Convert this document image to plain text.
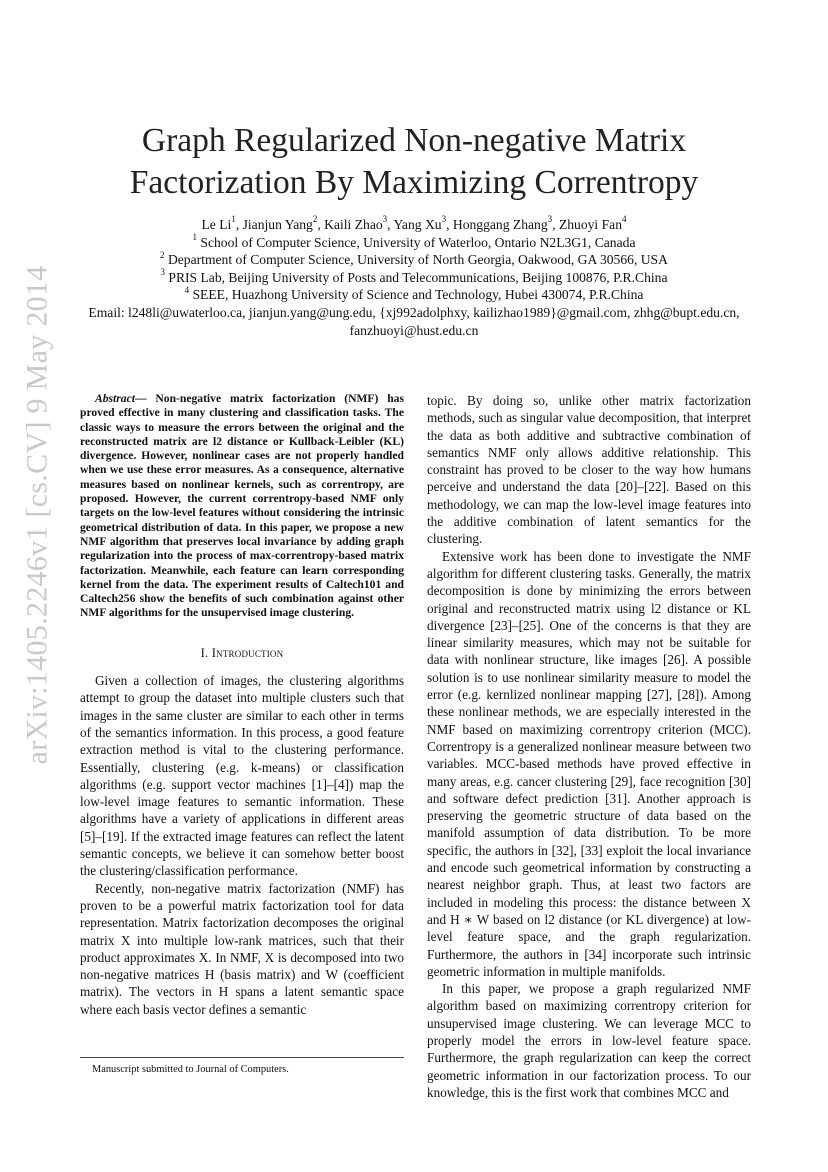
arXiv:1405.2246v1 [cs.CV] 9 May 2014
Graph Regularized Non-negative Matrix
Factorization By Maximizing Correntropy
Le Li$^1$, Jianjun Yang$^2$, Kaili Zhao$^3$, Yang Xu$^3$, Honggang Zhang$^3$, Zhuoyi Fan$^4$
$^1$ School of Computer Science, University of Waterloo, Ontario N2L3G1, Canada
$^2$ Department of Computer Science, University of North Georgia, Oakwood, GA 30566, USA
$^3$ PRIS Lab, Beijing University of Posts and Telecommunications, Beijing 100876, P.R.China
$^4$ SEEE, Huazhong University of Science and Technology, Hubei 430074, P.R.China
Email: l248li@uwaterloo.ca, jianjun.yang@ung.edu, {xj992adolphxy, kailizhao1989}@gmail.com, zhhg@bupt.edu.cn,
fanzhuoyi@hust.edu.cn

Abstract— Non-negative matrix factorization (NMF) has proved effective in many clustering and classification tasks. The classic ways to measure the errors between the original and the reconstructed matrix are l2 distance or Kullback-Leibler (KL) divergence. However, nonlinear cases are not properly handled when we use these error measures. As a consequence, alternative measures based on nonlinear kernels, such as correntropy, are proposed. However, the current correntropy-based NMF only targets on the low-level features without considering the intrinsic geometrical distribution of data. In this paper, we propose a new NMF algorithm that preserves local invariance by adding graph regularization into the process of max-correntropy-based matrix factorization. Meanwhile, each feature can learn corresponding kernel from the data. The experiment results of Caltech101 and Caltech256 show the benefits of such combination against other NMF algorithms for the unsupervised image clustering.

I. Introduction

Given a collection of images, the clustering algorithms attempt to group the dataset into multiple clusters such that images in the same cluster are similar to each other in terms of the semantics information. In this process, a good feature extraction method is vital to the clustering performance. Essentially, clustering (e.g. k-means) or classification algorithms (e.g. support vector machines [1]–[4]) map the low-level image features to semantic information. These algorithms have a variety of applications in different areas [5]–[19]. If the extracted image features can reflect the latent semantic concepts, we believe it can somehow better boost the clustering/classification performance.

Recently, non-negative matrix factorization (NMF) has proven to be a powerful matrix factorization tool for data representation. Matrix factorization decomposes the original matrix X into multiple low-rank matrices, such that their product approximates X. In NMF, X is decomposed into two non-negative matrices H (basis matrix) and W (coefficient matrix). The vectors in H spans a latent semantic space where each basis vector defines a semantic

topic. By doing so, unlike other matrix factorization methods, such as singular value decomposition, that interpret the data as both additive and subtractive combination of semantics NMF only allows additive relationship. This constraint has proved to be closer to the way how humans perceive and understand the data [20]–[22]. Based on this methodology, we can map the low-level image features into the additive combination of latent semantics for the clustering.

Extensive work has been done to investigate the NMF algorithm for different clustering tasks. Generally, the matrix decomposition is done by minimizing the errors between original and reconstructed matrix using l2 distance or KL divergence [23]–[25]. One of the concerns is that they are linear similarity measures, which may not be suitable for data with nonlinear structure, like images [26]. A possible solution is to use nonlinear similarity measure to model the error (e.g. kernlized nonlinear mapping [27], [28]). Among these nonlinear methods, we are especially interested in the NMF based on maximizing correntropy criterion (MCC). Correntropy is a generalized nonlinear measure between two variables. MCC-based methods have proved effective in many areas, e.g. cancer clustering [29], face recognition [30] and software defect prediction [31]. Another approach is preserving the geometric structure of data based on the manifold assumption of data distribution. To be more specific, the authors in [32], [33] exploit the local invariance and encode such geometrical information by constructing a nearest neighbor graph. Thus, at least two factors are included in modeling this process: the distance between X and H ∗ W based on l2 distance (or KL divergence) at low-level feature space, and the graph regularization. Furthermore, the authors in [34] incorporate such intrinsic geometric information in multiple manifolds.

In this paper, we propose a graph regularized NMF algorithm based on maximizing correntropy criterion for unsupervised image clustering. We can leverage MCC to properly model the errors in low-level feature space. Furthermore, the graph regularization can keep the correct geometric information in our factorization process. To our knowledge, this is the first work that combines MCC and

Manuscript submitted to Journal of Computers.
